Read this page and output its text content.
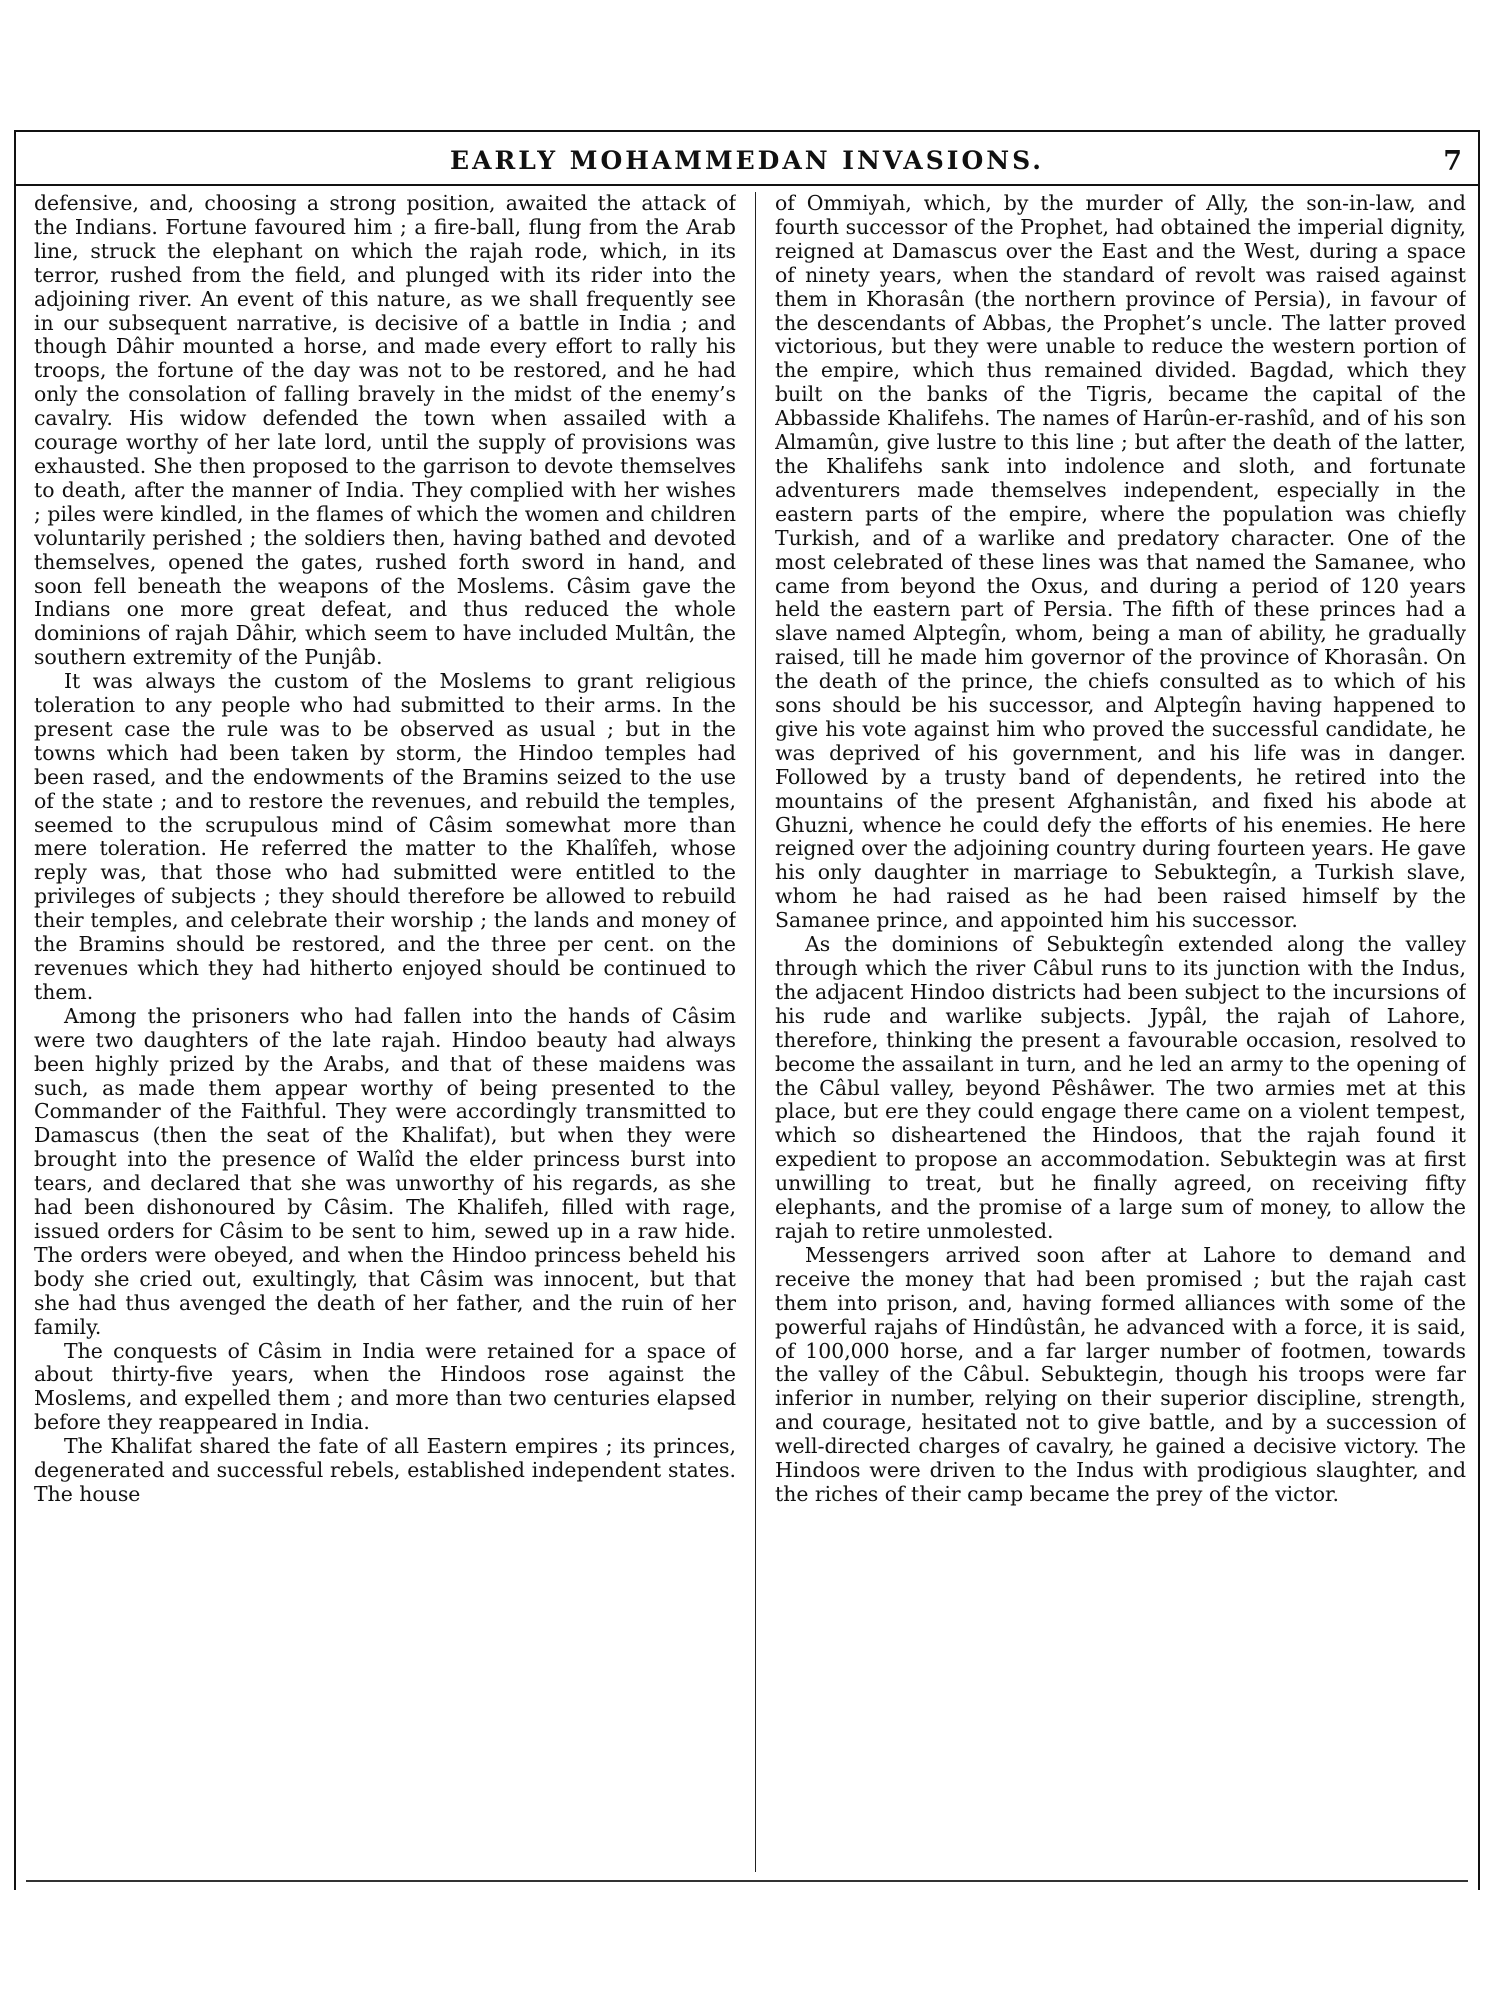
EARLY MOHAMMEDAN INVASIONS.	7

defensive, and, choosing a strong position, awaited the attack of the Indians. Fortune favoured him ; a fire-ball, flung from the Arab line, struck the elephant on which the rajah rode, which, in its terror, rushed from the field, and plunged with its rider into the adjoining river. An event of this nature, as we shall frequently see in our subsequent narrative, is decisive of a battle in India ; and though Dâhir mounted a horse, and made every effort to rally his troops, the fortune of the day was not to be restored, and he had only the consolation of falling bravely in the midst of the enemy’s cavalry. His widow defended the town when assailed with a courage worthy of her late lord, until the supply of provisions was exhausted. She then proposed to the garrison to devote themselves to death, after the manner of India. They complied with her wishes ; piles were kindled, in the flames of which the women and children voluntarily perished ; the soldiers then, having bathed and devoted themselves, opened the gates, rushed forth sword in hand, and soon fell beneath the weapons of the Moslems. Câsim gave the Indians one more great defeat, and thus reduced the whole dominions of rajah Dâhir, which seem to have included Multân, the southern extremity of the Punjâb.

It was always the custom of the Moslems to grant religious toleration to any people who had submitted to their arms. In the present case the rule was to be observed as usual ; but in the towns which had been taken by storm, the Hindoo temples had been rased, and the endowments of the Bramins seized to the use of the state ; and to restore the revenues, and rebuild the temples, seemed to the scrupulous mind of Câsim somewhat more than mere toleration. He referred the matter to the Khalîfeh, whose reply was, that those who had submitted were entitled to the privileges of subjects ; they should therefore be allowed to rebuild their temples, and celebrate their worship ; the lands and money of the Bramins should be restored, and the three per cent. on the revenues which they had hitherto enjoyed should be continued to them.

Among the prisoners who had fallen into the hands of Câsim were two daughters of the late rajah. Hindoo beauty had always been highly prized by the Arabs, and that of these maidens was such, as made them appear worthy of being presented to the Commander of the Faithful. They were accordingly transmitted to Damascus (then the seat of the Khalifat), but when they were brought into the presence of Walîd the elder princess burst into tears, and declared that she was unworthy of his regards, as she had been dishonoured by Câsim. The Khalifeh, filled with rage, issued orders for Câsim to be sent to him, sewed up in a raw hide. The orders were obeyed, and when the Hindoo princess beheld his body she cried out, exultingly, that Câsim was innocent, but that she had thus avenged the death of her father, and the ruin of her family.

The conquests of Câsim in India were retained for a space of about thirty-five years, when the Hindoos rose against the Moslems, and expelled them ; and more than two centuries elapsed before they reappeared in India.

The Khalifat shared the fate of all Eastern empires ; its princes, degenerated and successful rebels, established independent states. The house

of Ommiyah, which, by the murder of Ally, the son-in-law, and fourth successor of the Prophet, had obtained the imperial dignity, reigned at Damascus over the East and the West, during a space of ninety years, when the standard of revolt was raised against them in Khorasân (the northern province of Persia), in favour of the descendants of Abbas, the Prophet’s uncle. The latter proved victorious, but they were unable to reduce the western portion of the empire, which thus remained divided. Bagdad, which they built on the banks of the Tigris, became the capital of the Abbasside Khalifehs. The names of Harûn-er-rashîd, and of his son Almamûn, give lustre to this line ; but after the death of the latter, the Khalifehs sank into indolence and sloth, and fortunate adventurers made themselves independent, especially in the eastern parts of the empire, where the population was chiefly Turkish, and of a warlike and predatory character. One of the most celebrated of these lines was that named the Samanee, who came from beyond the Oxus, and during a period of 120 years held the eastern part of Persia. The fifth of these princes had a slave named Alptegîn, whom, being a man of ability, he gradually raised, till he made him governor of the province of Khorasân. On the death of the prince, the chiefs consulted as to which of his sons should be his successor, and Alptegîn having happened to give his vote against him who proved the successful candidate, he was deprived of his government, and his life was in danger. Followed by a trusty band of dependents, he retired into the mountains of the present Afghanistân, and fixed his abode at Ghuzni, whence he could defy the efforts of his enemies. He here reigned over the adjoining country during fourteen years. He gave his only daughter in marriage to Sebuktegîn, a Turkish slave, whom he had raised as he had been raised himself by the Samanee prince, and appointed him his successor.

As the dominions of Sebuktegîn extended along the valley through which the river Câbul runs to its junction with the Indus, the adjacent Hindoo districts had been subject to the incursions of his rude and warlike subjects. Jypâl, the rajah of Lahore, therefore, thinking the present a favourable occasion, resolved to become the assailant in turn, and he led an army to the opening of the Câbul valley, beyond Pêshâwer. The two armies met at this place, but ere they could engage there came on a violent tempest, which so disheartened the Hindoos, that the rajah found it expedient to propose an accommodation. Sebuktegin was at first unwilling to treat, but he finally agreed, on receiving fifty elephants, and the promise of a large sum of money, to allow the rajah to retire unmolested.

Messengers arrived soon after at Lahore to demand and receive the money that had been promised ; but the rajah cast them into prison, and, having formed alliances with some of the powerful rajahs of Hindûstân, he advanced with a force, it is said, of 100,000 horse, and a far larger number of footmen, towards the valley of the Câbul. Sebuktegin, though his troops were far inferior in number, relying on their superior discipline, strength, and courage, hesitated not to give battle, and by a succession of well-directed charges of cavalry, he gained a decisive victory. The Hindoos were driven to the Indus with prodigious slaughter, and the riches of their camp became the prey of the victor.
